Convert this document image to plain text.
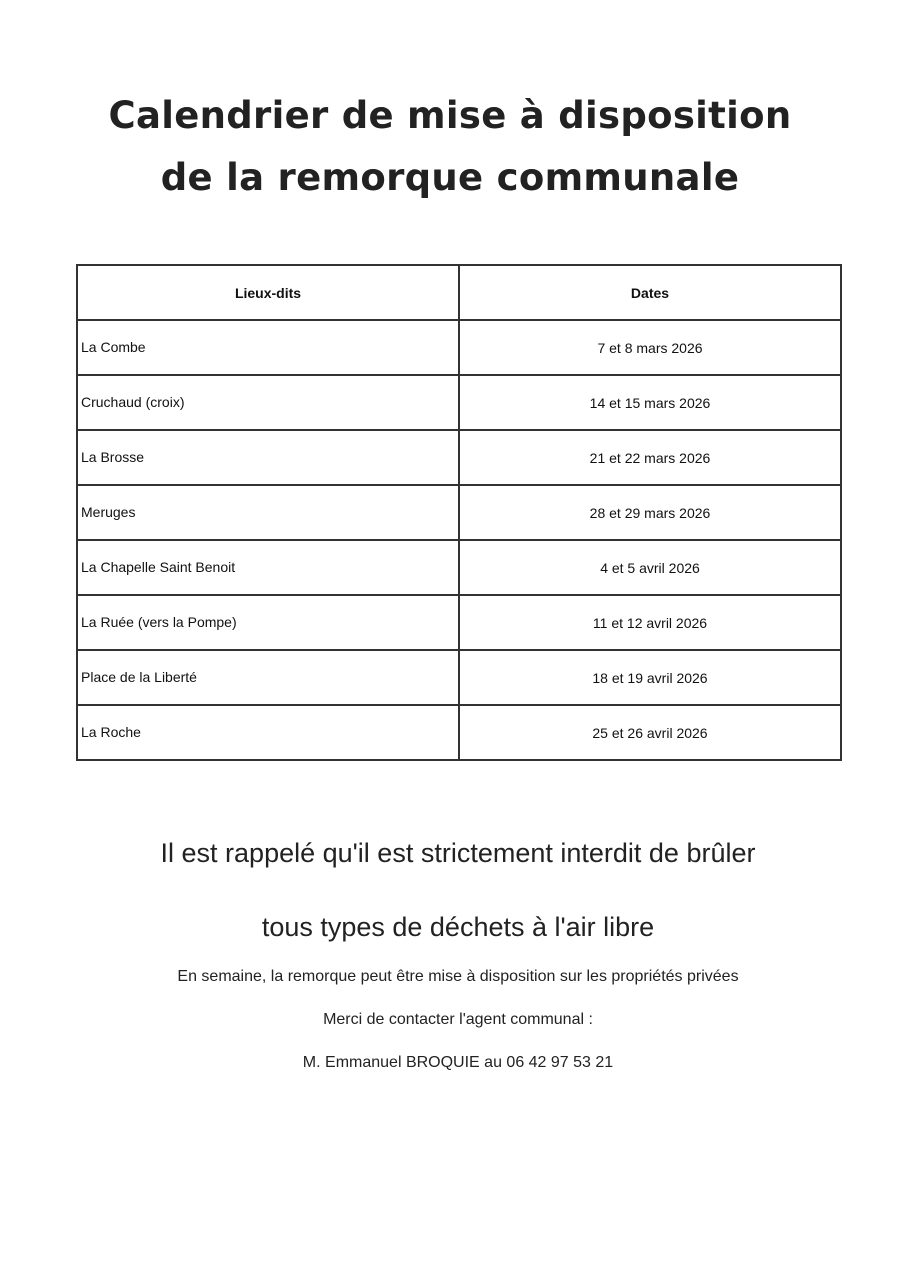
Calendrier de mise à disposition
de la remorque communale
Lieux-dits	Dates
La Combe	7 et 8 mars 2026
Cruchaud (croix)	14 et 15 mars 2026
La Brosse	21 et 22 mars 2026
Meruges	28 et 29 mars 2026
La Chapelle Saint Benoit	4 et 5 avril 2026
La Ruée (vers la Pompe)	11 et 12 avril 2026
Place de la Liberté	18 et 19 avril 2026
La Roche	25 et 26 avril 2026
Il est rappelé qu'il est strictement interdit de brûler
tous types de déchets à l'air libre
En semaine, la remorque peut être mise à disposition sur les propriétés privées
Merci de contacter l'agent communal :
M. Emmanuel BROQUIE au 06 42 97 53 21
